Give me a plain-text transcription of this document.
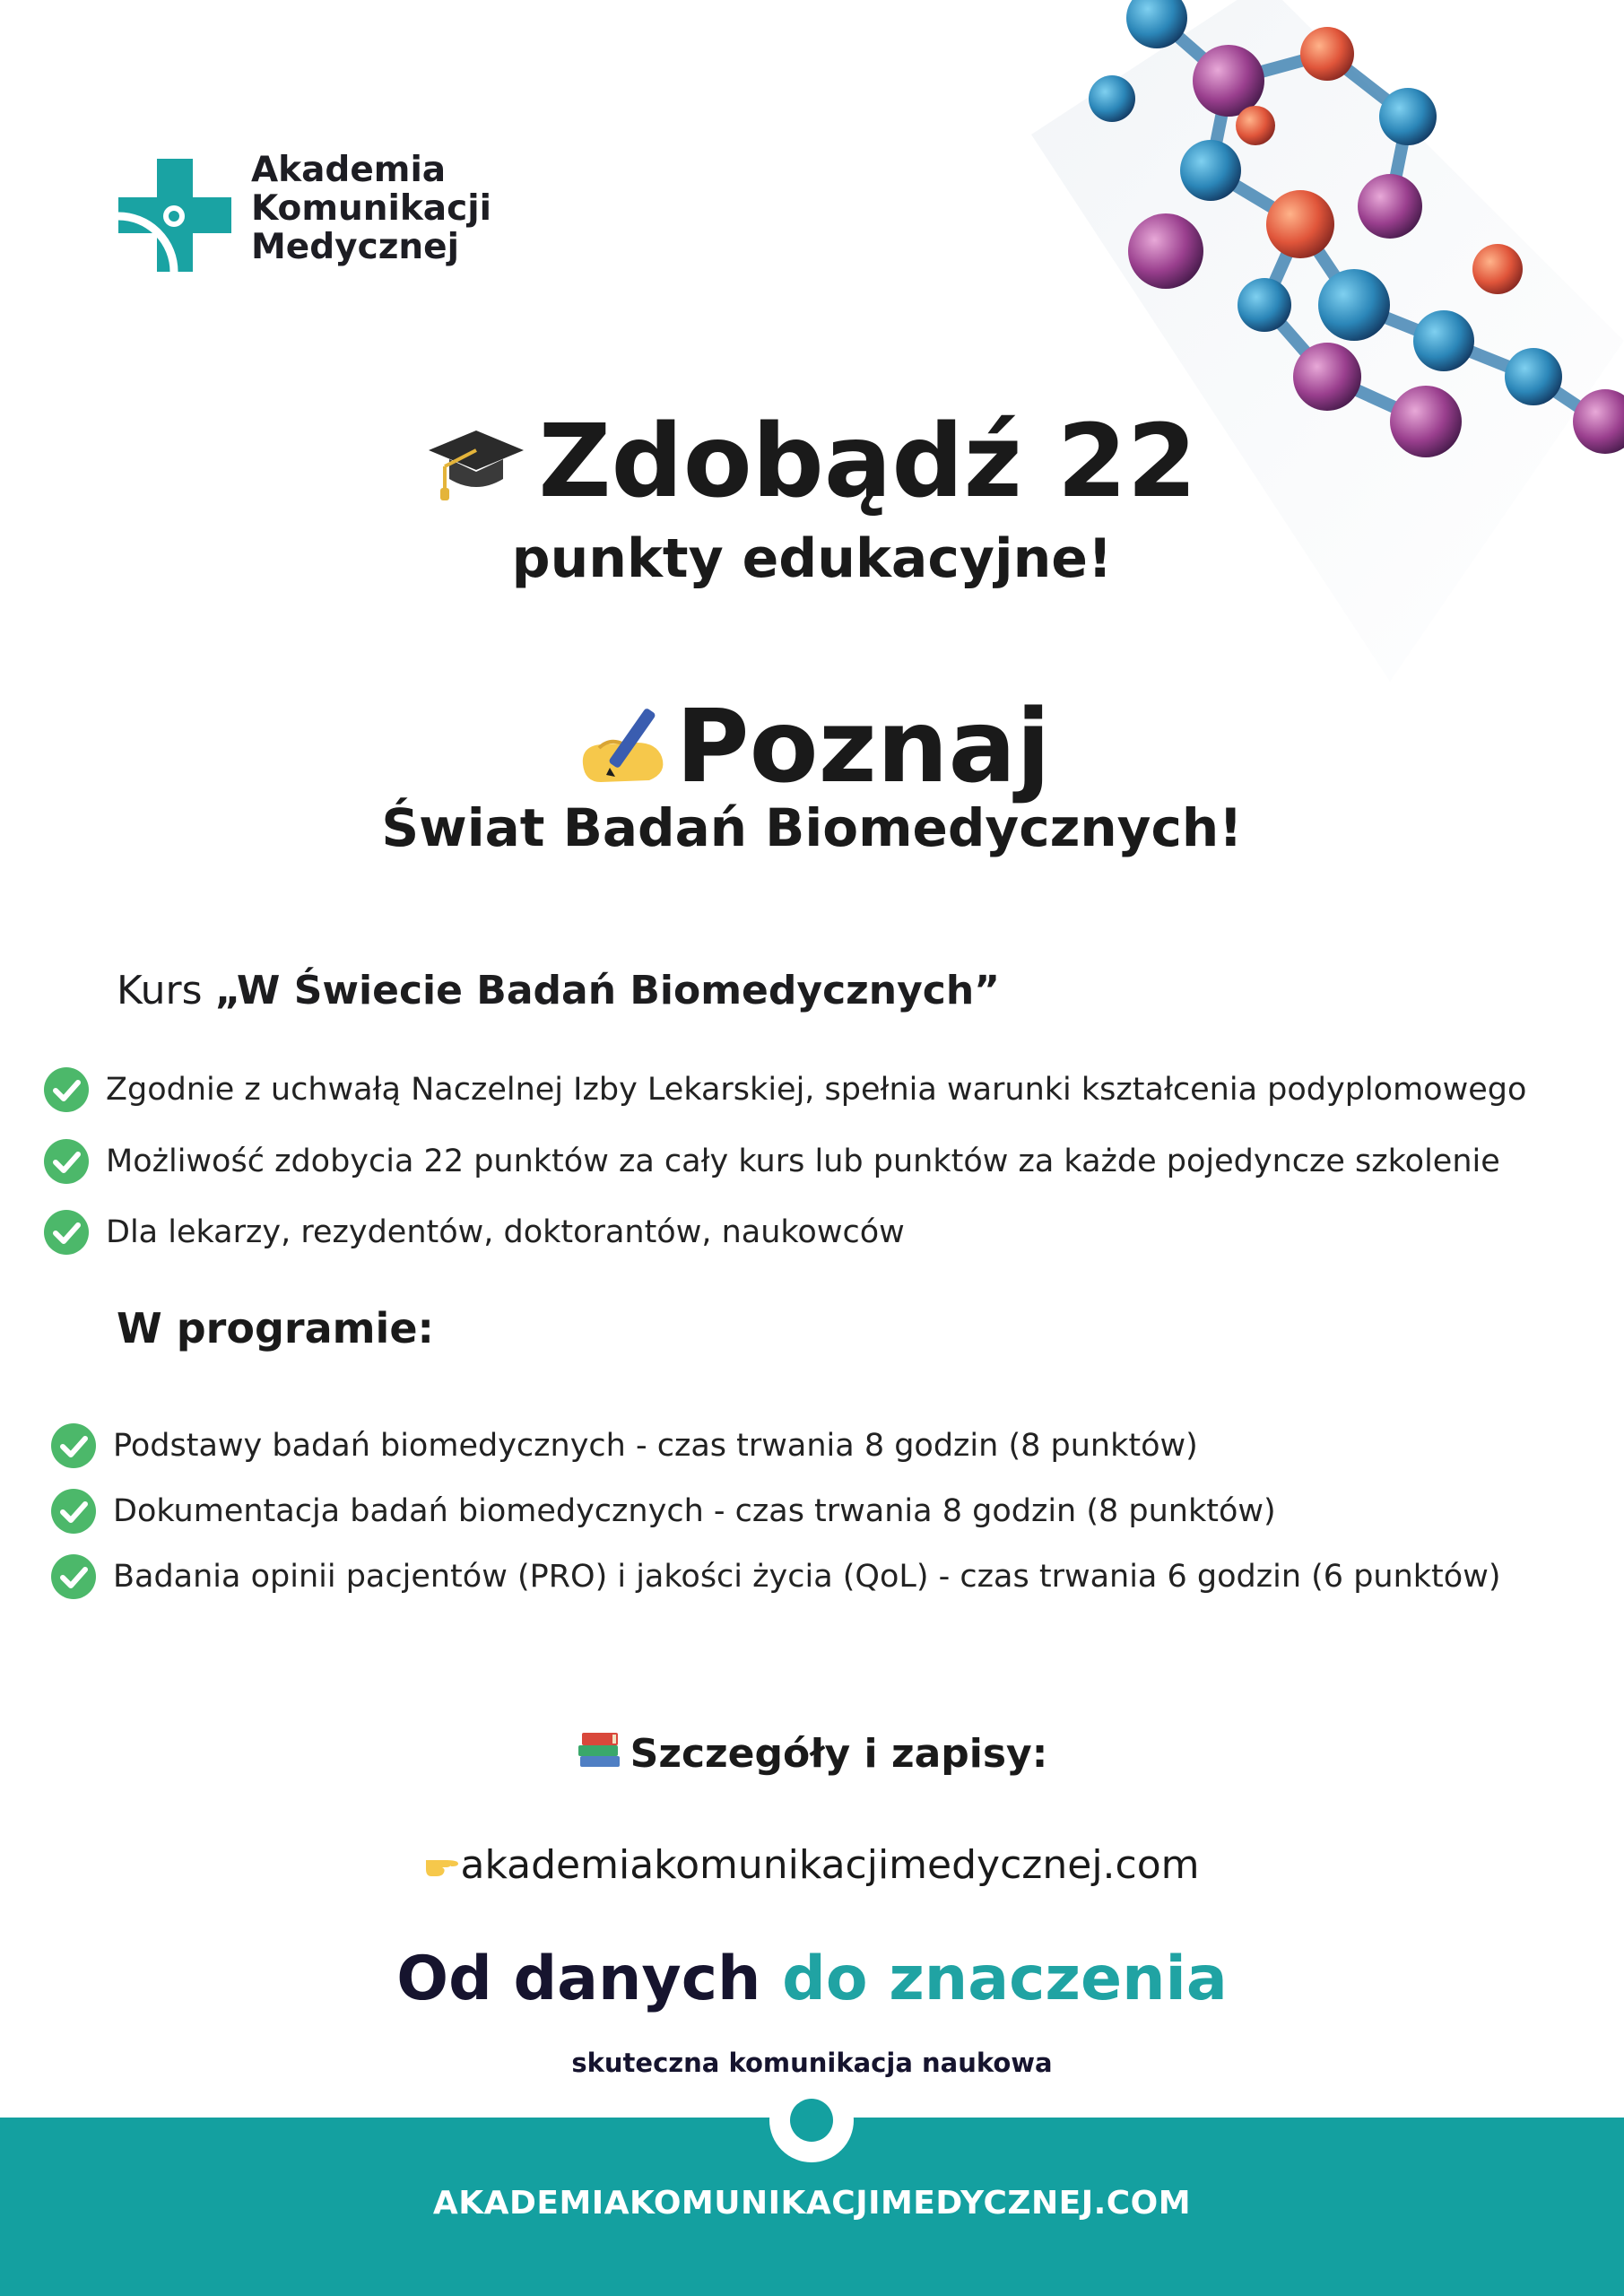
Akademia
Komunikacji
Medycznej
Zdobądź 22
punkty edukacyjne!
Poznaj
Świat Badań Biomedycznych!
Kurs „W Świecie Badań Biomedycznych”
Zgodnie z uchwałą Naczelnej Izby Lekarskiej, spełnia warunki kształcenia podyplomowego
Możliwość zdobycia 22 punktów za cały kurs lub punktów za każde pojedyncze szkolenie
Dla lekarzy, rezydentów, doktorantów, naukowców
W programie:
Podstawy badań biomedycznych - czas trwania 8 godzin (8 punktów)
Dokumentacja badań biomedycznych - czas trwania 8 godzin (8 punktów)
Badania opinii pacjentów (PRO) i jakości życia (QoL) - czas trwania 6 godzin (6 punktów)
Szczegóły i zapisy:
akademiakomunikacjimedycznej.com
Od danych do znaczenia
skuteczna komunikacja naukowa
AKADEMIAKOMUNIKACJIMEDYCZNEJ.COM
